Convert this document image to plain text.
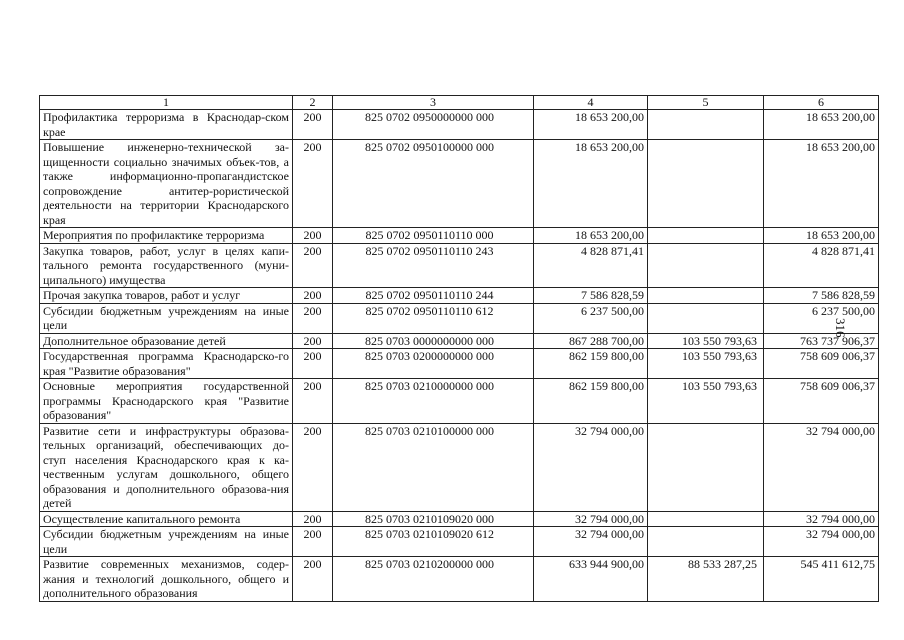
1	2	3	4	5	6
Профилактика терроризма в Краснодар-ском крае	200	825 0702 0950000000 000	18 653 200,00		18 653 200,00
Повышение инженерно-технической за-щищенности социально значимых объек-тов, а также информационно-пропагандистское сопровождение антитер-рористической деятельности на территории Краснодарского края	200	825 0702 0950100000 000	18 653 200,00		18 653 200,00
Мероприятия по профилактике терроризма	200	825 0702 0950110110 000	18 653 200,00		18 653 200,00
Закупка товаров, работ, услуг в целях капи-тального ремонта государственного (муни-ципального) имущества	200	825 0702 0950110110 243	4 828 871,41		4 828 871,41
Прочая закупка товаров, работ и услуг	200	825 0702 0950110110 244	7 586 828,59		7 586 828,59
Субсидии бюджетным учреждениям на иные цели	200	825 0702 0950110110 612	6 237 500,00		6 237 500,00
Дополнительное образование детей	200	825 0703 0000000000 000	867 288 700,00	103 550 793,63	763 737 906,37
Государственная программа Краснодарско-го края "Развитие образования"	200	825 0703 0200000000 000	862 159 800,00	103 550 793,63	758 609 006,37
Основные мероприятия государственной программы Краснодарского края "Развитие образования"	200	825 0703 0210000000 000	862 159 800,00	103 550 793,63	758 609 006,37
Развитие сети и инфраструктуры образова-тельных организаций, обеспечивающих до-ступ населения Краснодарского края к ка-чественным услугам дошкольного, общего образования и дополнительного образова-ния детей	200	825 0703 0210100000 000	32 794 000,00		32 794 000,00
Осуществление капитального ремонта	200	825 0703 0210109020 000	32 794 000,00		32 794 000,00
Субсидии бюджетным учреждениям на иные цели	200	825 0703 0210109020 612	32 794 000,00		32 794 000,00
Развитие современных механизмов, содер-жания и технологий дошкольного, общего и дополнительного образования	200	825 0703 0210200000 000	633 944 900,00	88 533 287,25	545 411 612,75
316
